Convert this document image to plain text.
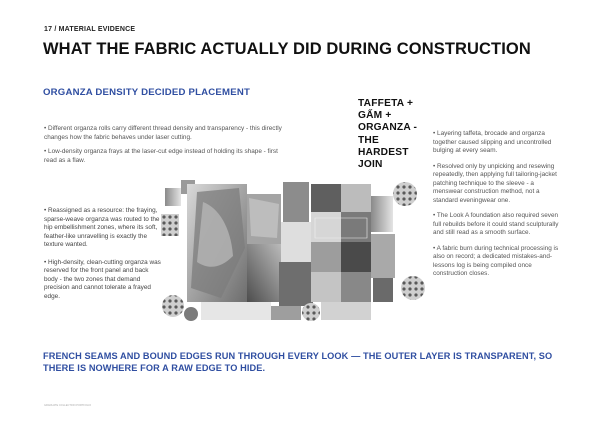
17 / MATERIAL EVIDENCE
WHAT THE FABRIC ACTUALLY DID DURING CONSTRUCTION
ORGANZA DENSITY DECIDED PLACEMENT
TAFFETA + GẤM + ORGANZA - THE HARDEST JOIN

• Different organza rolls carry different thread density and transparency - this directly changes how the fabric behaves under laser cutting.

• Low-density organza frays at the laser-cut edge instead of holding its shape - first read as a flaw.

• Reassigned as a resource: the fraying, sparse-weave organza was routed to the hip embellishment zones, where its soft, feather-like unravelling is exactly the texture wanted.

• High-density, clean-cutting organza was reserved for the front panel and back body - the two zones that demand precision and cannot tolerate a frayed edge.

• Layering taffeta, brocade and organza together caused slipping and uncontrolled bulging at every seam.

• Resolved only by unpicking and resewing repeatedly, then applying full tailoring-jacket patching technique to the sleeve - a menswear construction method, not a standard eveningwear one.

• The Look A foundation also required seven full rebuilds before it could stand sculpturally and still read as a smooth surface.

• A fabric burn during technical processing is also on record; a dedicated mistakes-and-lessons log is being compiled once construction closes.

FRENCH SEAMS AND BOUND EDGES RUN THROUGH EVERY LOOK — THE OUTER LAYER IS TRANSPARENT, SO THERE IS NOWHERE FOR A RAW EDGE TO HIDE.
GRADUATE COLLECTION PORTFOLIO
